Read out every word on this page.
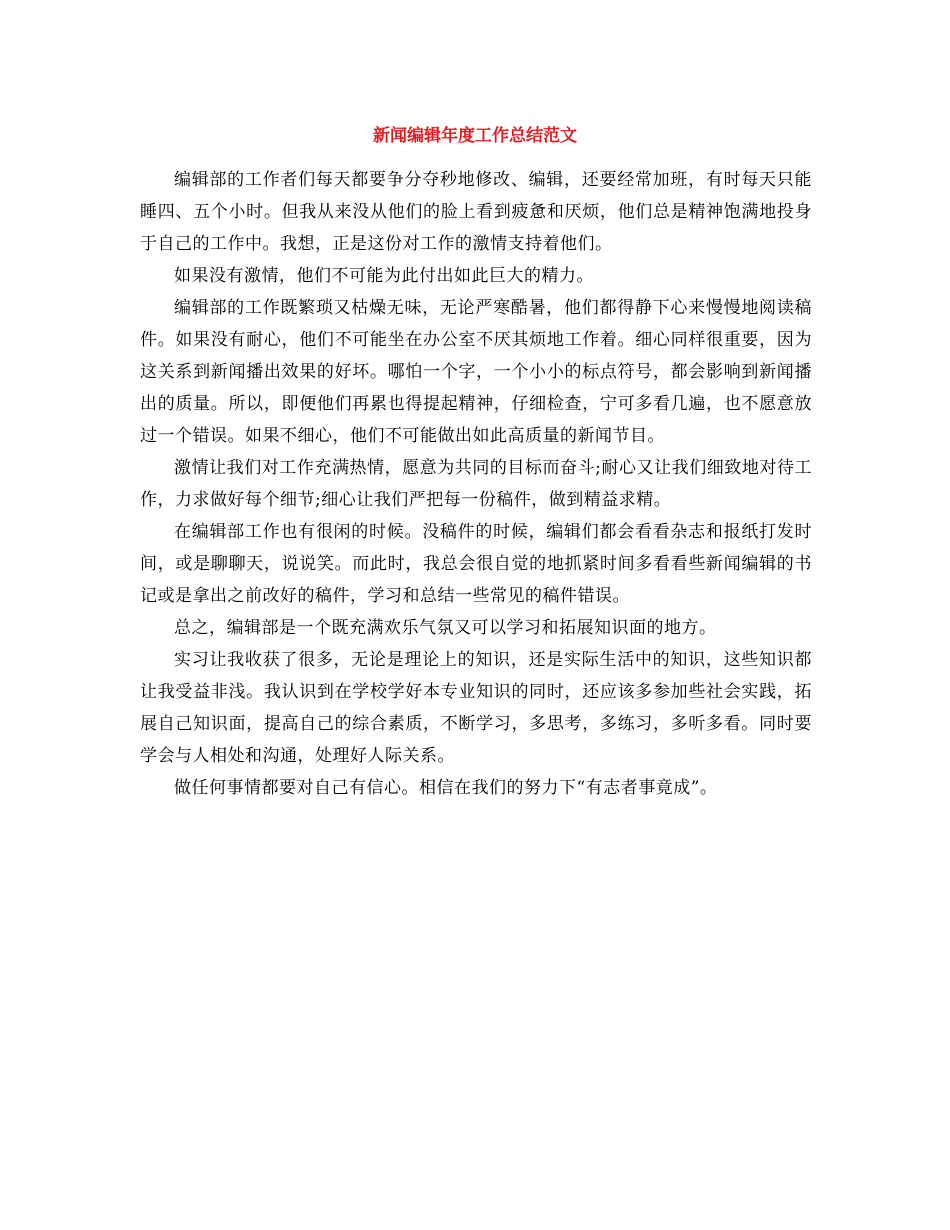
新闻编辑年度工作总结范文

编辑部的工作者们每天都要争分夺秒地修改、编辑，还要经常加班，有时每天只能睡四、五个小时。但我从来没从他们的脸上看到疲惫和厌烦，他们总是精神饱满地投身于自己的工作中。我想，正是这份对工作的激情支持着他们。

如果没有激情，他们不可能为此付出如此巨大的精力。

编辑部的工作既繁琐又枯燥无味，无论严寒酷暑，他们都得静下心来慢慢地阅读稿件。如果没有耐心，他们不可能坐在办公室不厌其烦地工作着。细心同样很重要，因为这关系到新闻播出效果的好坏。哪怕一个字，一个小小的标点符号，都会影响到新闻播出的质量。所以，即便他们再累也得提起精神，仔细检查，宁可多看几遍，也不愿意放过一个错误。如果不细心，他们不可能做出如此高质量的新闻节目。

激情让我们对工作充满热情，愿意为共同的目标而奋斗;耐心又让我们细致地对待工作，力求做好每个细节;细心让我们严把每一份稿件，做到精益求精。

在编辑部工作也有很闲的时候。没稿件的时候，编辑们都会看看杂志和报纸打发时间，或是聊聊天，说说笑。而此时，我总会很自觉的地抓紧时间多看看些新闻编辑的书记或是拿出之前改好的稿件，学习和总结一些常见的稿件错误。

总之，编辑部是一个既充满欢乐气氛又可以学习和拓展知识面的地方。

实习让我收获了很多，无论是理论上的知识，还是实际生活中的知识，这些知识都让我受益非浅。我认识到在学校学好本专业知识的同时，还应该多参加些社会实践，拓展自己知识面，提高自己的综合素质，不断学习，多思考，多练习，多听多看。同时要学会与人相处和沟通，处理好人际关系。

做任何事情都要对自己有信心。相信在我们的努力下“有志者事竟成”。
